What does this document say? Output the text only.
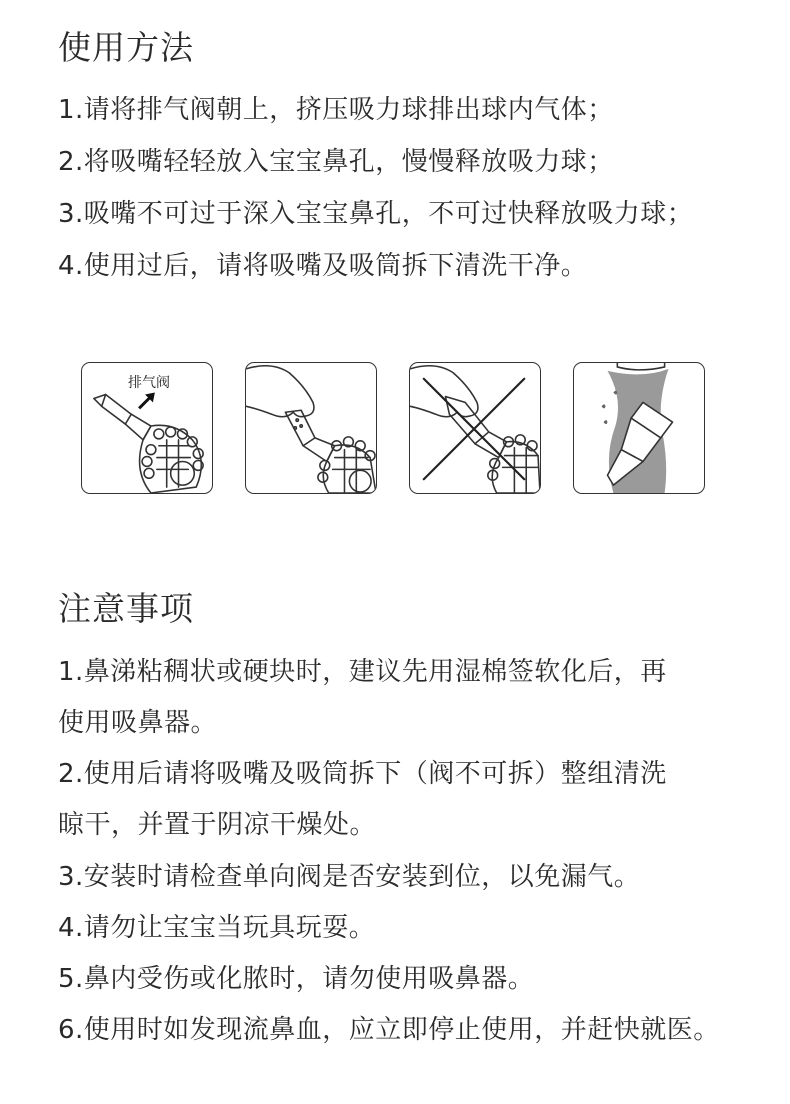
使用方法

1.请将排气阀朝上，挤压吸力球排出球内气体；

2.将吸嘴轻轻放入宝宝鼻孔，慢慢释放吸力球；

3.吸嘴不可过于深入宝宝鼻孔，不可过快释放吸力球；

4.使用过后，请将吸嘴及吸筒拆下清洗干净。

排气阀
注意事项

1.鼻涕粘稠状或硬块时，建议先用湿棉签软化后，再

使用吸鼻器。

2.使用后请将吸嘴及吸筒拆下（阀不可拆）整组清洗

晾干，并置于阴凉干燥处。

3.安装时请检查单向阀是否安装到位，以免漏气。

4.请勿让宝宝当玩具玩耍。

5.鼻内受伤或化脓时，请勿使用吸鼻器。

6.使用时如发现流鼻血，应立即停止使用，并赶快就医。
